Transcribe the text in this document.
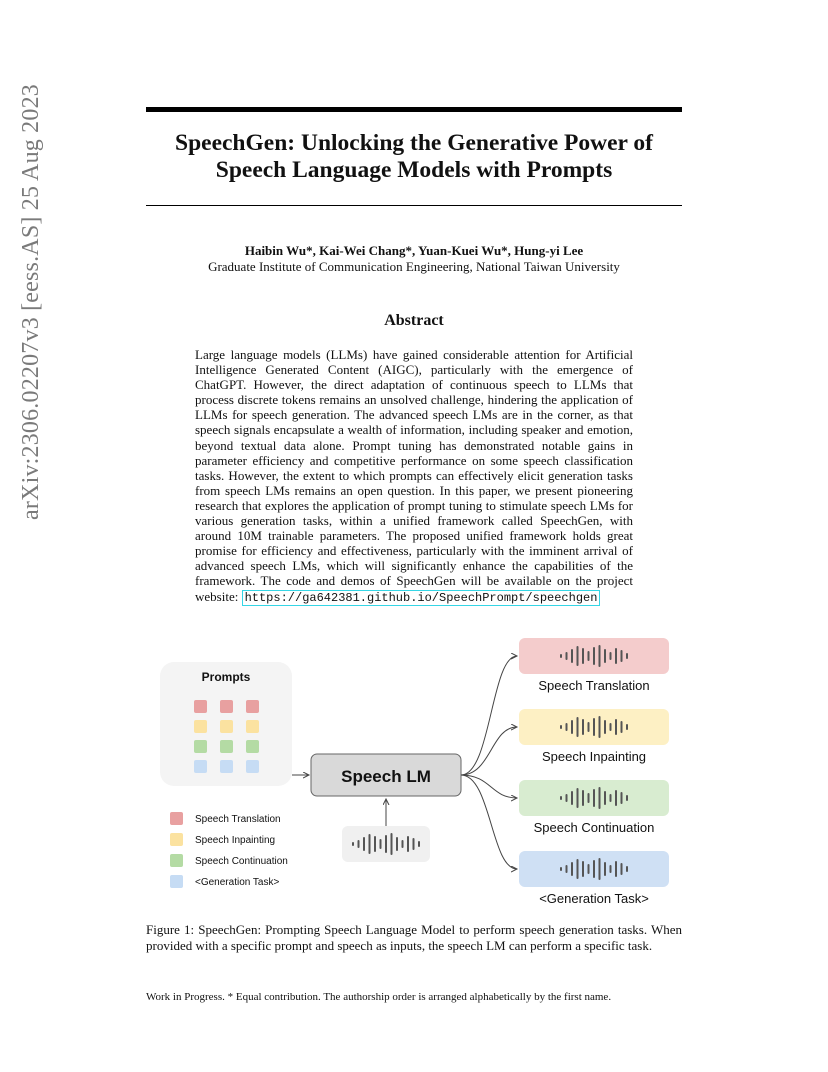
arXiv:2306.02207v3 [eess.AS] 25 Aug 2023	SpeechGen: Unlocking the Generative Power of
Speech Language Models with Prompts
Haibin Wu*, Kai-Wei Chang*, Yuan-Kuei Wu*, Hung-yi Lee
Graduate Institute of Communication Engineering, National Taiwan University
Abstract
Large language models (LLMs) have gained considerable attention for Artificial Intelligence Generated Content (AIGC), particularly with the emergence of ChatGPT. However, the direct adaptation of continuous speech to LLMs that process discrete tokens remains an unsolved challenge, hindering the application of LLMs for speech generation. The advanced speech LMs are in the corner, as that speech signals encapsulate a wealth of information, including speaker and emotion, beyond textual data alone. Prompt tuning has demonstrated notable gains in parameter efficiency and competitive performance on some speech classification tasks. However, the extent to which prompts can effectively elicit generation tasks from speech LMs remains an open question. In this paper, we present pioneering research that explores the application of prompt tuning to stimulate speech LMs for various generation tasks, within a unified framework called SpeechGen, with around 10M trainable parameters. The proposed unified framework holds great promise for efficiency and effectiveness, particularly with the imminent arrival of advanced speech LMs, which will significantly enhance the capabilities of the framework. The code and demos of SpeechGen will be available on the project website: https://ga642381.github.io/SpeechPrompt/speechgen
Prompts
Speech Translation
Speech Inpainting
Speech Continuation
<Generation Task>
Speech LM
Speech Translation
Speech Inpainting
Speech Continuation
<Generation Task>
Figure 1: SpeechGen: Prompting Speech Language Model to perform speech generation tasks. When provided with a specific prompt and speech as inputs, the speech LM can perform a specific task.
Work in Progress. * Equal contribution. The authorship order is arranged alphabetically by the first name.
